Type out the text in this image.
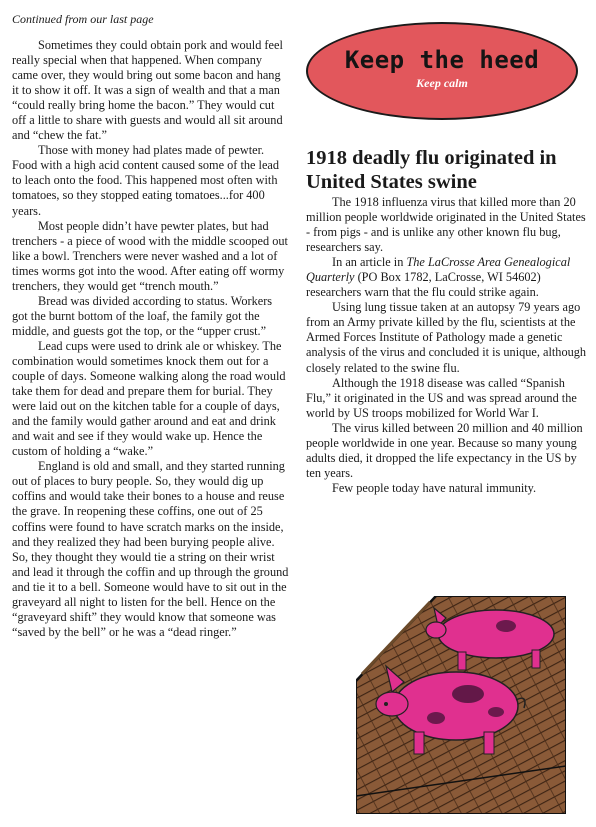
Continued from our last page

Sometimes they could obtain pork and would feel really special when that happened. When company came over, they would bring out some bacon and hang it to show it off. It was a sign of wealth and that a man “could really bring home the bacon.” They would cut off a little to share with guests and would all sit around and “chew the fat.”

Those with money had plates made of pewter. Food with a high acid content caused some of the lead to leach onto the food. This happened most often with tomatoes, so they stopped eating tomatoes...for 400 years.

Most people didn’t have pewter plates, but had trenchers - a piece of wood with the middle scooped out like a bowl. Trenchers were never washed and a lot of times worms got into the wood. After eating off wormy trenchers, they would get “trench mouth.”

Bread was divided according to status. Workers got the burnt bottom of the loaf, the family got the middle, and guests got the top, or the “upper crust.”

Lead cups were used to drink ale or whiskey. The combination would sometimes knock them out for a couple of days. Someone walking along the road would take them for dead and prepare them for burial. They were laid out on the kitchen table for a couple of days, and the family would gather around and eat and drink and wait and see if they would wake up. Hence the custom of holding a “wake.”

England is old and small, and they started running out of places to bury people. So, they would dig up coffins and would take their bones to a house and reuse the grave. In reopening these coffins, one out of 25 coffins were found to have scratch marks on the inside, and they realized they had been burying people alive. So, they thought they would tie a string on their wrist and lead it through the coffin and up through the ground and tie it to a bell. Someone would have to sit out in the graveyard all night to listen for the bell. Hence on the “graveyard shift” they would know that someone was “saved by the bell” or he was a “dead ringer.”

Keep the heed
Keep calm
1918 deadly flu originated in United States swine

The 1918 influenza virus that killed more than 20 million people worldwide originated in the United States - from pigs - and is unlike any other known flu bug, researchers say.

In an article in The LaCrosse Area Genealogical Quarterly (PO Box 1782, LaCrosse, WI 54602) researchers warn that the flu could strike again.

Using lung tissue taken at an autopsy 79 years ago from an Army private killed by the flu, scientists at the Armed Forces Institute of Pathology made a genetic analysis of the virus and concluded it is unique, although closely related to the swine flu.

Although the 1918 disease was called “Spanish Flu,” it originated in the US and was spread around the world by US troops mobilized for World War I.

The virus killed between 20 million and 40 million people worldwide in one year. Because so many young adults died, it dropped the life expectancy in the US by ten years.

Few people today have natural immunity.
